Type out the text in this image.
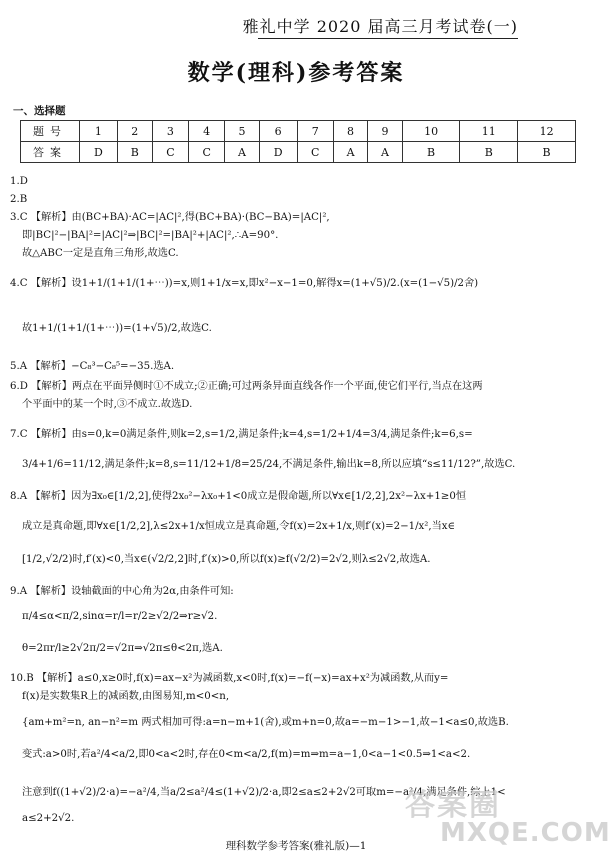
雅礼中学 2020 届高三月考试卷(一)
数学(理科)参考答案
一、选择题
题号	1	2	3	4	5	6	7	8	9	10	11	12
答案	D	B	C	C	A	D	C	A	A	B	B	B
1.D
2.B
3.C 【解析】由(BC+BA)·AC=|AC|²,得(BC+BA)·(BC−BA)=|AC|²,
即|BC|²−|BA|²=|AC|²⇒|BC|²=|BA|²+|AC|²,∴A=90°.
故△ABC一定是直角三角形,故选C.
4.C 【解析】设1+1/(1+1/(1+⋯))=x,则1+1/x=x,即x²−x−1=0,解得x=(1+√5)/2.(x=(1−√5)/2舍)
故1+1/(1+1/(1+⋯))=(1+√5)/2,故选C.
5.A 【解析】−C₈³−C₈⁵=−35.选A.
6.D 【解析】两点在平面异侧时①不成立;②正确;可过两条异面直线各作一个平面,使它们平行,当点在这两
个平面中的某一个时,③不成立.故选D.
7.C 【解析】由s=0,k=0满足条件,则k=2,s=1/2,满足条件;k=4,s=1/2+1/4=3/4,满足条件;k=6,s=
3/4+1/6=11/12,满足条件;k=8,s=11/12+1/8=25/24,不满足条件,输出k=8,所以应填“s≤11/12?”,故选C.
8.A 【解析】因为∃x₀∈[1/2,2],使得2x₀²−λx₀+1<0成立是假命题,所以∀x∈[1/2,2],2x²−λx+1≥0恒
成立是真命题,即∀x∈[1/2,2],λ≤2x+1/x恒成立是真命题,令f(x)=2x+1/x,则f′(x)=2−1/x²,当x∈
[1/2,√2/2)时,f′(x)<0,当x∈(√2/2,2]时,f′(x)>0,所以f(x)≥f(√2/2)=2√2,则λ≤2√2,故选A.
9.A 【解析】设轴截面的中心角为2α,由条件可知:
π/4≤α<π/2,sinα=r/l=r/2≥√2/2⇒r≥√2.
θ=2πr/l≥2√2π/2=√2π⇒√2π≤θ<2π,选A.
10.B 【解析】a≤0,x≥0时,f(x)=ax−x²为减函数,x<0时,f(x)=−f(−x)=ax+x²为减函数,从而y=
f(x)是实数集R上的减函数,由图易知,m<0<n,
{am+m²=n, an−n²=m 两式相加可得:a=n−m+1(舍),或m+n=0,故a=−m−1>−1,故−1<a≤0,故选B.
变式:a>0时,若a²/4<a/2,即0<a<2时,存在0<m<a/2,f(m)=m⇒m=a−1,0<a−1<0.5⇒1<a<2.
注意到f((1+√2)/2·a)=−a²/4,当a/2≤a²/4≤(1+√2)/2·a,即2≤a≤2+2√2可取m=−a²/4,满足条件,综上1<
a≤2+2√2.	答案圈
MXQE.COM
理科数学参考答案(雅礼版)—1
